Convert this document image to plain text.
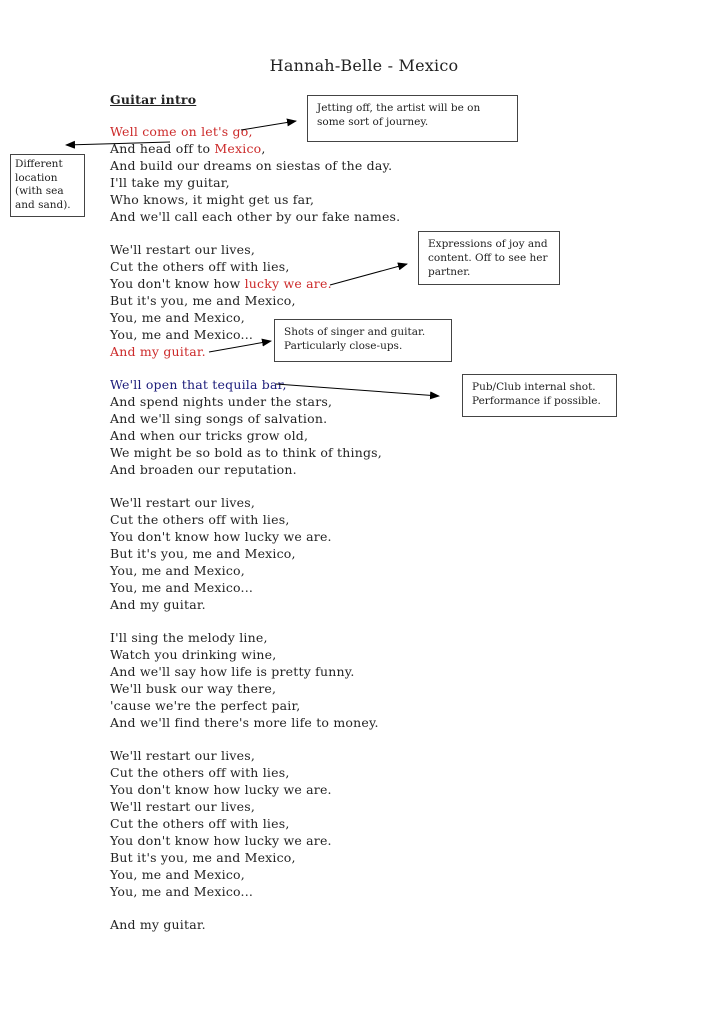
Hannah-Belle - Mexico
Guitar intro
Well come on let's go,
And head off to Mexico,
And build our dreams on siestas of the day.
I'll take my guitar,
Who knows, it might get us far,
And we'll call each other by our fake names.
We'll restart our lives,
Cut the others off with lies,
You don't know how lucky we are.
But it's you, me and Mexico,
You, me and Mexico,
You, me and Mexico...
And my guitar.
We'll open that tequila bar,
And spend nights under the stars,
And we'll sing songs of salvation.
And when our tricks grow old,
We might be so bold as to think of things,
And broaden our reputation.
We'll restart our lives,
Cut the others off with lies,
You don't know how lucky we are.
But it's you, me and Mexico,
You, me and Mexico,
You, me and Mexico...
And my guitar.
I'll sing the melody line,
Watch you drinking wine,
And we'll say how life is pretty funny.
We'll busk our way there,
'cause we're the perfect pair,
And we'll find there's more life to money.
We'll restart our lives,
Cut the others off with lies,
You don't know how lucky we are.
We'll restart our lives,
Cut the others off with lies,
You don't know how lucky we are.
But it's you, me and Mexico,
You, me and Mexico,
You, me and Mexico...
And my guitar.
Jetting off, the artist will be on some sort of journey.
Different location (with sea and sand).
Expressions of joy and content. Off to see her partner.
Shots of singer and guitar. Particularly close-ups.
Pub/Club internal shot. Performance if possible.
